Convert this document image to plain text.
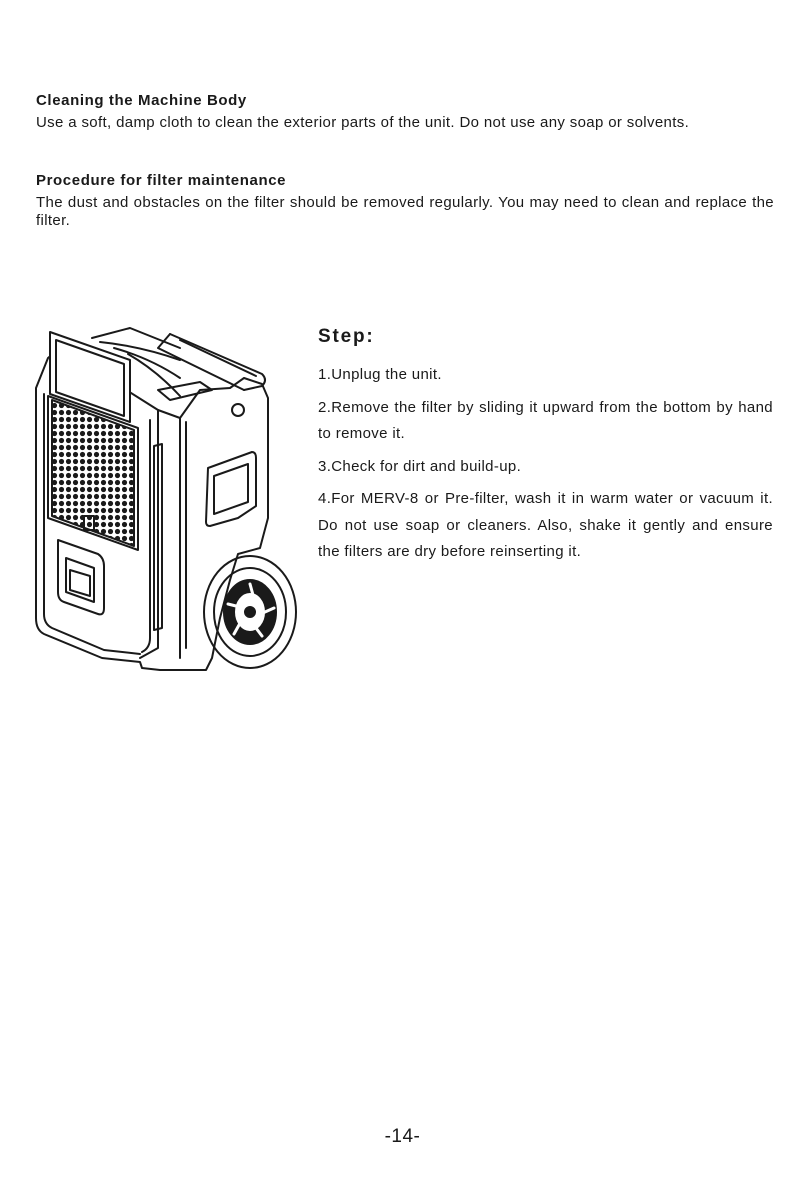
Cleaning the Machine Body

Use a soft, damp cloth to clean the exterior parts of the unit. Do not use any soap or solvents.

Procedure for filter maintenance

The dust and obstacles on the filter should be removed regularly. You may need to clean and replace the filter.

Step:

1.Unplug the unit.

2.Remove the filter by sliding it upward from the bottom by hand to remove it.

3.Check for dirt and build-up.

4.For MERV-8 or Pre-filter, wash it in warm water or vacuum it. Do not use soap or cleaners. Also, shake it gently and ensure the filters are dry before reinserting it.

-14-
